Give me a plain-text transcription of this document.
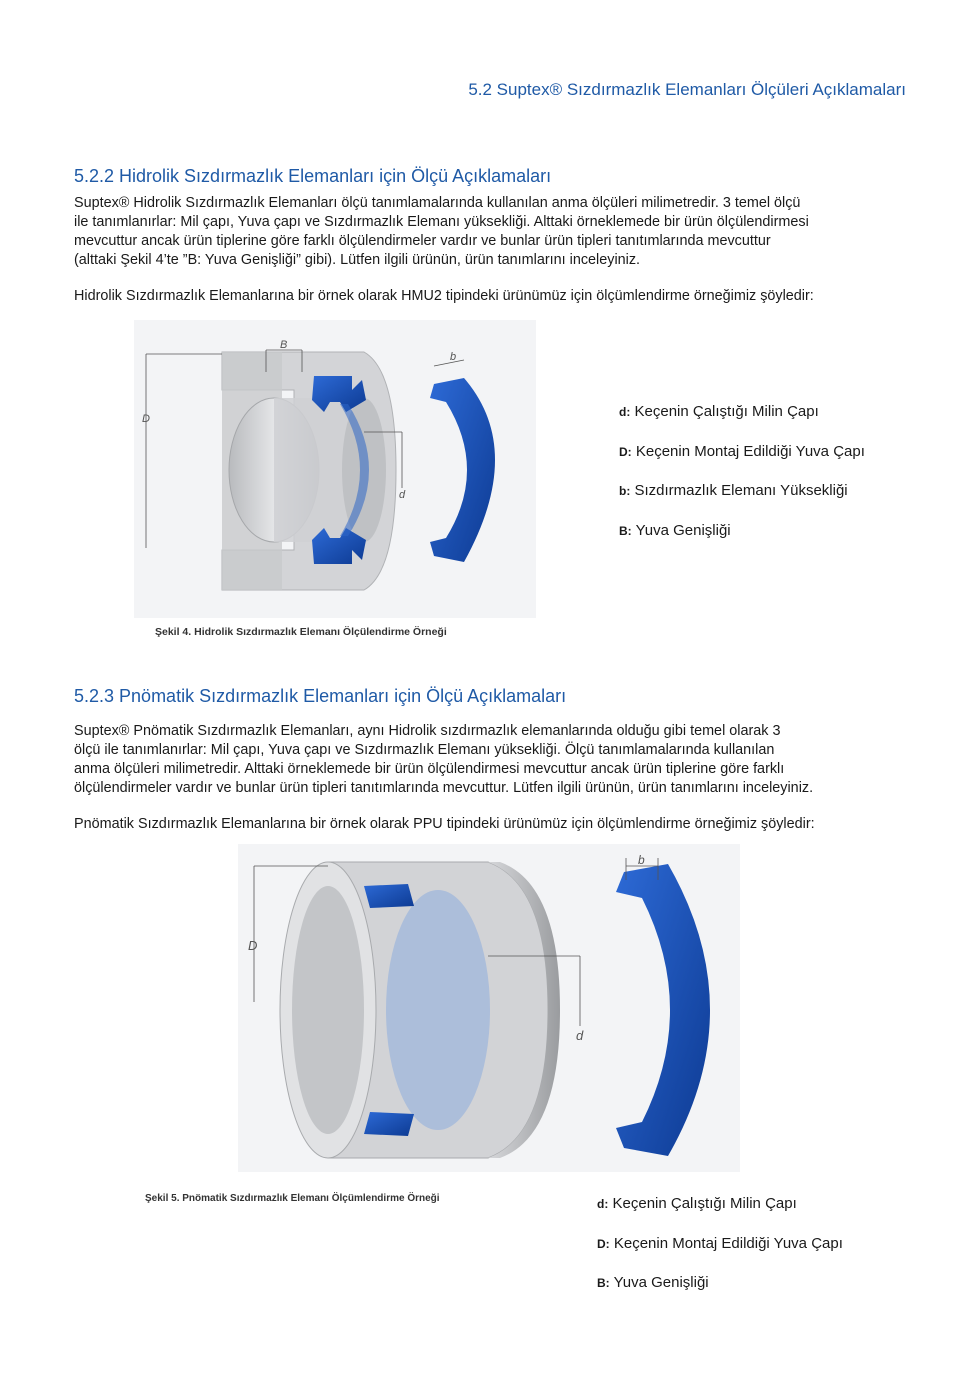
5.2 Suptex® Sızdırmazlık Elemanları Ölçüleri Açıklamaları
5.2.2 Hidrolik Sızdırmazlık Elemanları için Ölçü Açıklamaları

Suptex® Hidrolik Sızdırmazlık Elemanları ölçü tanımlamalarında kullanılan anma ölçüleri milimetredir. 3 temel ölçü
ile tanımlanırlar: Mil çapı, Yuva çapı ve Sızdırmazlık Elemanı yüksekliği. Alttaki örneklemede bir ürün ölçülendirmesi
mevcuttur ancak ürün tiplerine göre farklı ölçülendirmeler vardır ve bunlar ürün tipleri tanıtımlarında mevcuttur
(alttaki Şekil 4’te ”B: Yuva Genişliği” gibi). Lütfen ilgili ürünün, ürün tanımlarını inceleyiniz.

Hidrolik Sızdırmazlık Elemanlarına bir örnek olarak HMU2 tipindeki ürünümüz için ölçümlendirme örneğimiz şöyledir:

B
b
D
d
Şekil 4. Hidrolik Sızdırmazlık Elemanı Ölçülendirme Örneği
d: Keçenin Çalıştığı Milin Çapı
D: Keçenin Montaj Edildiği Yuva Çapı
b: Sızdırmazlık Elemanı Yüksekliği
B: Yuva Genişliği
5.2.3 Pnömatik Sızdırmazlık Elemanları için Ölçü Açıklamaları

Suptex® Pnömatik Sızdırmazlık Elemanları, aynı Hidrolik sızdırmazlık elemanlarında olduğu gibi temel olarak 3
ölçü ile tanımlanırlar: Mil çapı, Yuva çapı ve Sızdırmazlık Elemanı yüksekliği. Ölçü tanımlamalarında kullanılan
anma ölçüleri milimetredir. Alttaki örneklemede bir ürün ölçülendirmesi mevcuttur ancak ürün tiplerine göre farklı
ölçülendirmeler vardır ve bunlar ürün tipleri tanıtımlarında mevcuttur. Lütfen ilgili ürünün, ürün tanımlarını inceleyiniz.

Pnömatik Sızdırmazlık Elemanlarına bir örnek olarak PPU tipindeki ürünümüz için ölçümlendirme örneğimiz şöyledir:

b
D
d
Şekil 5. Pnömatik Sızdırmazlık Elemanı Ölçümlendirme Örneği	d: Keçenin Çalıştığı Milin Çapı
D: Keçenin Montaj Edildiği Yuva Çapı
B: Yuva Genişliği
